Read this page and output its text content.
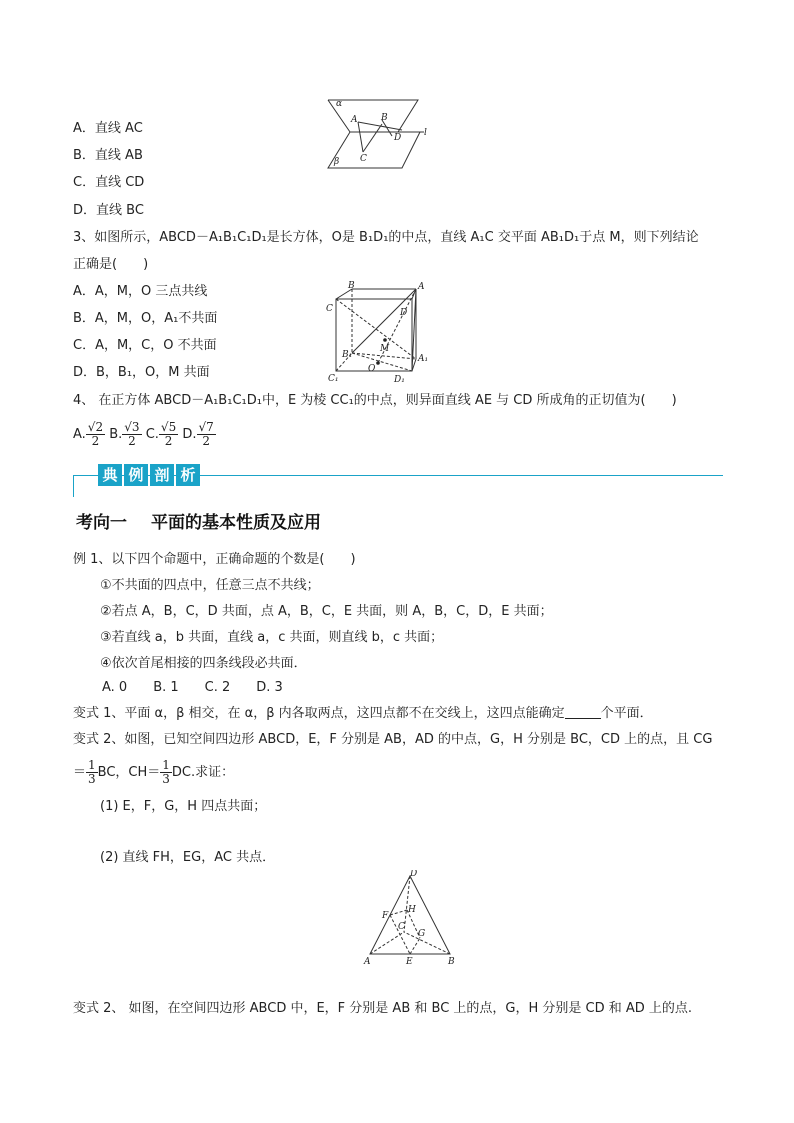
A．直线 AC
B．直线 AB
C．直线 CD
D．直线 BC
α
A	B
D	l
C
β
3、如图所示，ABCD－A₁B₁C₁D₁是长方体，O是 B₁D₁的中点，直线 A₁C 交平面 AB₁D₁于点 M，则下列结论
正确是(　　)
A．A，M，O 三点共线
B．A，M，O，A₁不共面
C．A，M，C，O 不共面
D．B，B₁，O，M 共面
B	A
C	D
B₁	A₁
C₁	D₁
M
O
4、 在正方体 ABCD－A₁B₁C₁D₁中，E 为棱 CC₁的中点，则异面直线 AE 与 CD 所成角的正切值为(　　)
A. $\frac{√2}{2} B$. $\frac{√3}{2} C$. $\frac{√5}{2} D$. $\frac{√7}{2}$
典 例 剖 析
考向一 平面的基本性质及应用
例 1、以下四个命题中，正确命题的个数是(　　)
①不共面的四点中，任意三点不共线；
②若点 A，B，C，D 共面，点 A，B，C，E 共面，则 A，B，C，D，E 共面；
③若直线 a，b 共面，直线 a，c 共面，则直线 b，c 共面；
④依次首尾相接的四条线段必共面．
A. 0　　B. 1　　C. 2　　D. 3
变式 1、平面 α，β 相交，在 α，β 内各取两点，这四点都不在交线上，这四点能确定	个平面．
变式 2、如图，已知空间四边形 ABCD，E，F 分别是 AB，AD 的中点，G，H 分别是 BC，CD 上的点，且 CG
＝ $\frac{1}{3}$ BC，$CH= \frac{1}{3}$ DC.求证：
(1) E，F，G，H 四点共面；
(2) 直线 FH，EG，AC 共点．
D
F
H
C
G
A	E	B
变式 2、 如图，在空间四边形 ABCD 中，E，F 分别是 AB 和 BC 上的点，G，H 分别是 CD 和 AD 上的点.
